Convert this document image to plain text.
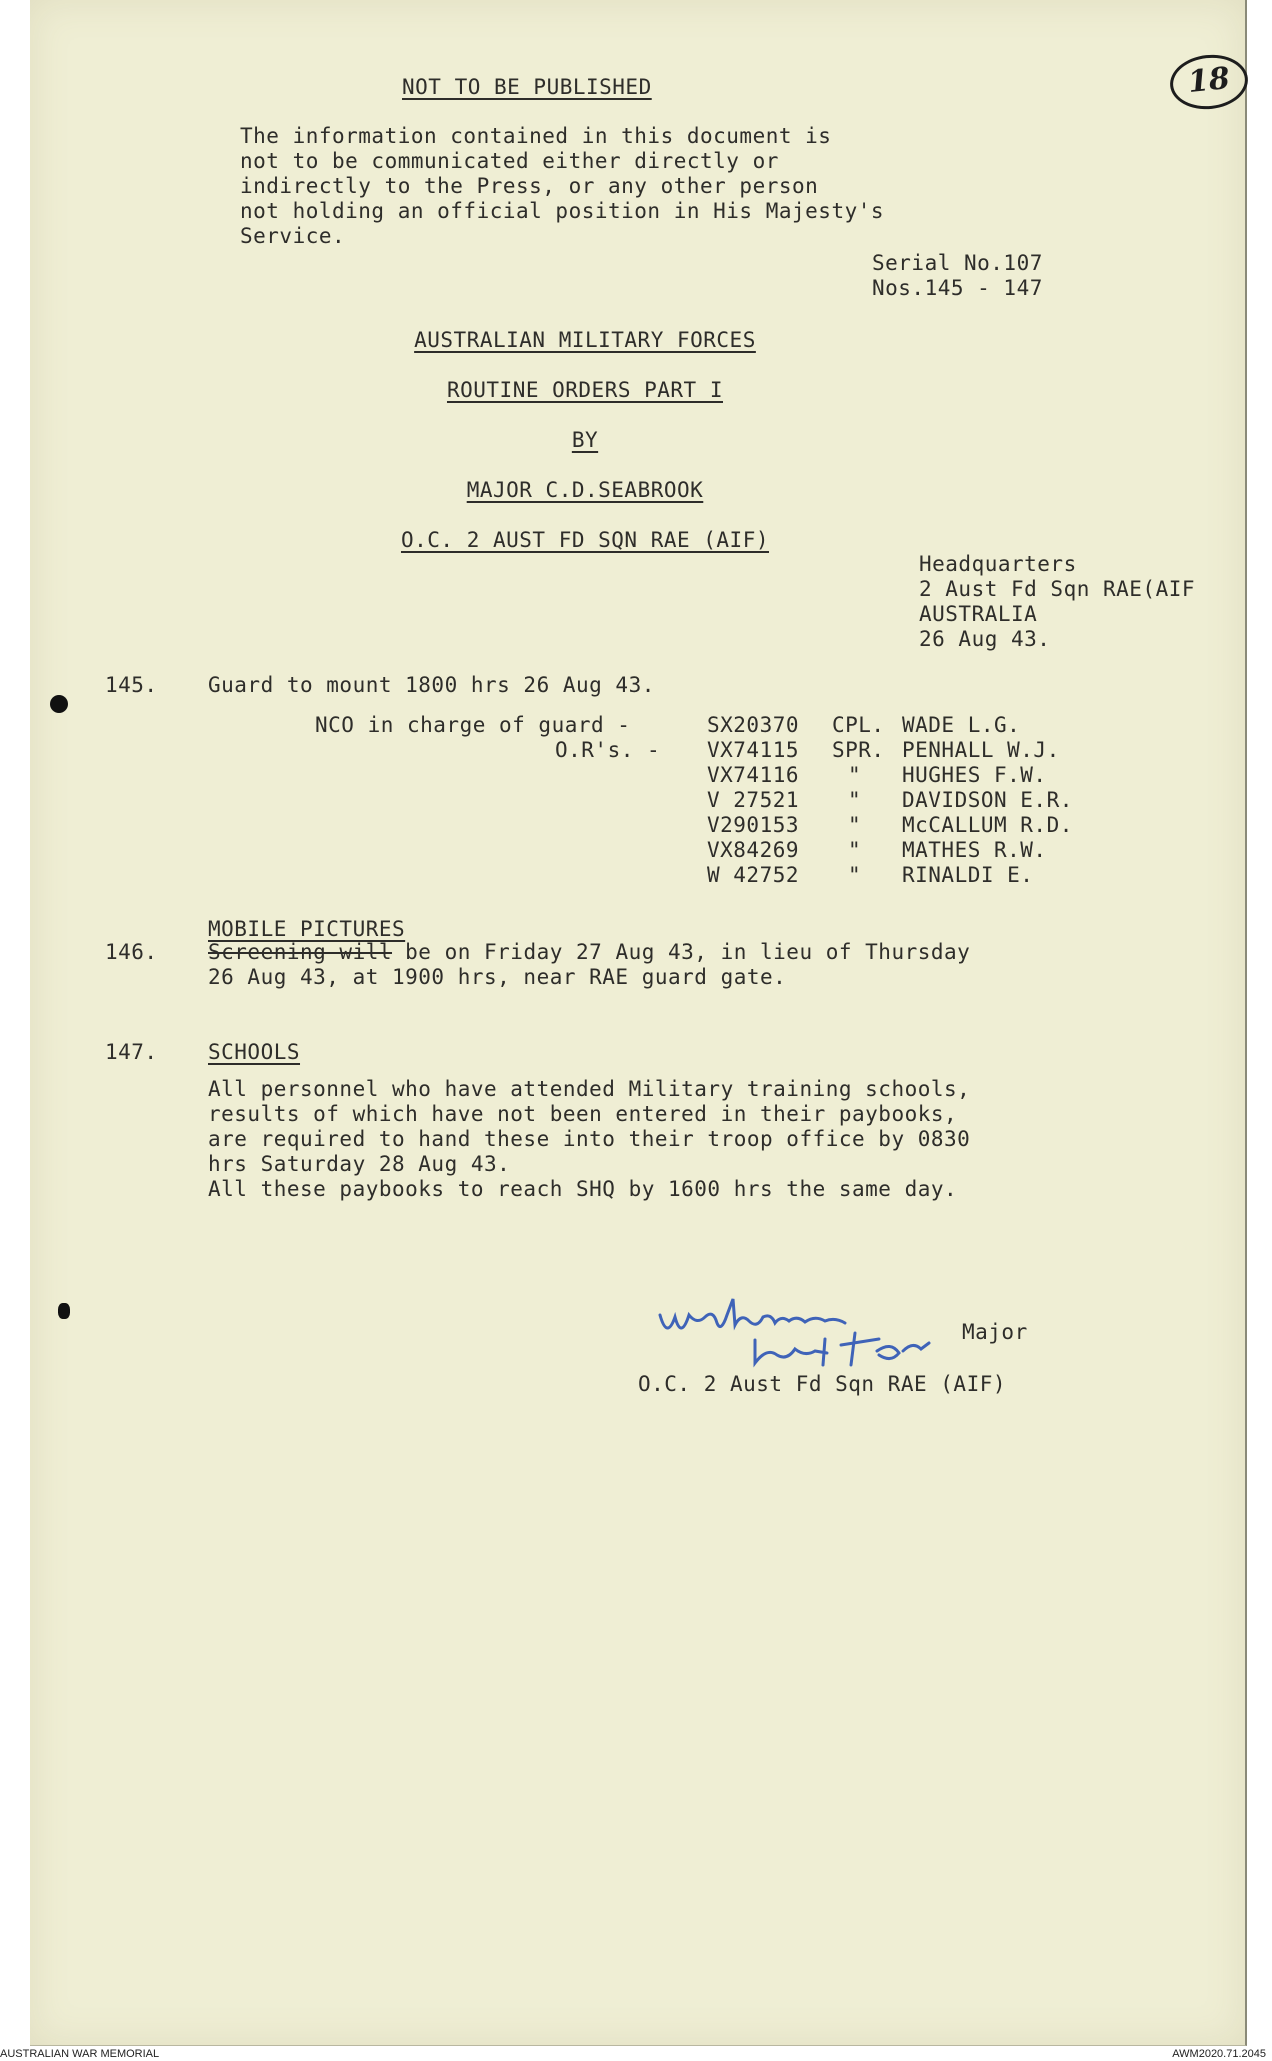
18
NOT TO BE PUBLISHED
The information contained in this document is
not to be communicated either directly or
indirectly to the Press, or any other person
not holding an official position in His Majesty's
Service.
Serial No.107
Nos.145 - 147
AUSTRALIAN MILITARY FORCES
ROUTINE ORDERS PART I
BY
MAJOR C.D.SEABROOK
O.C. 2 AUST FD SQN RAE (AIF)
Headquarters
2 Aust Fd Sqn RAE(AIF
AUSTRALIA
26 Aug 43.
145. Guard to mount 1800 hrs 26 Aug 43.
NCO in charge of guard -
O.R's. -
SX20370 CPL. WADE L.G.
VX74115 SPR. PENHALL W.J.
VX74116 " HUGHES F.W.
V 27521 " DAVIDSON E.R.
V290153 " McCALLUM R.D.
VX84269 " MATHES R.W.
W 42752 " RINALDI E.
MOBILE PICTURES
146. Screening will be on Friday 27 Aug 43, in lieu of Thursday
26 Aug 43, at 1900 hrs, near RAE guard gate.
147. SCHOOLS
All personnel who have attended Military training schools,
results of which have not been entered in their paybooks,
are required to hand these into their troop office by 0830
hrs Saturday 28 Aug 43.
All these paybooks to reach SHQ by 1600 hrs the same day.
Major
O.C. 2 Aust Fd Sqn RAE (AIF)
AUSTRALIAN WAR MEMORIAL	AWM2020.71.2045
